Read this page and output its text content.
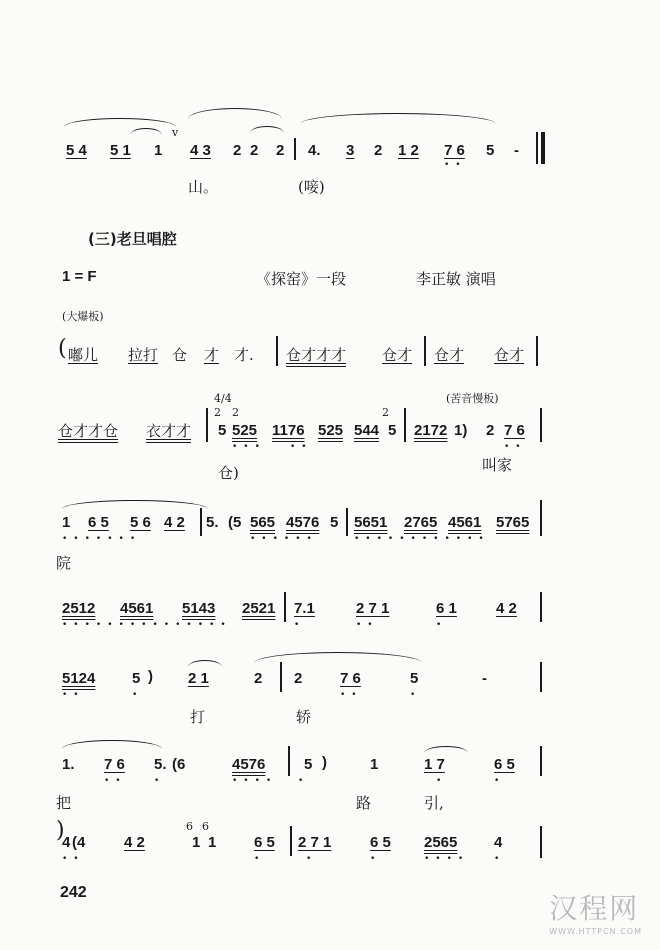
5 4 5 1 1
v
4 3 2 2 2 4. 3 2 1 2 7 6 5 -
••
山。	(唼)
(三)老旦唱腔
1 = F	《探窑》一段	李正敏 演唱
(大爆板)
( 嘟儿 拉打 仓 才 才. 仓才才才 仓才 仓才 仓才
4/4	(苦音慢板)
仓才才仓 衣才才
2
5
2
525 1176 525 544
2
5 2172 1) 2 7 6
•••	••	••
仓)	叫家
1 6 5 5 6 4 2 5. (5 565 4576 5 5651 2765 4561 5765
•••••••	••••••	••••••••••••
院
2512 4561 5143 2521 7.1	2 7 1	6 1	4 2
•••••••••••••••	•	••	•
5124 5 ) 2 1	2 2	7 6	5	-
••	•	••	•
打	轿
1. 7 6 5. (6	4576	5 )	1	1 7	6 5
••	•	•••• •	•	•
把	路	引,
)
4 (4	4 2
6 6
1 1	6 5 2 7 1	6 5 2565 4
••	•	•	•	••••	•
242	汉程网
WWW.HTTPCN.COM
